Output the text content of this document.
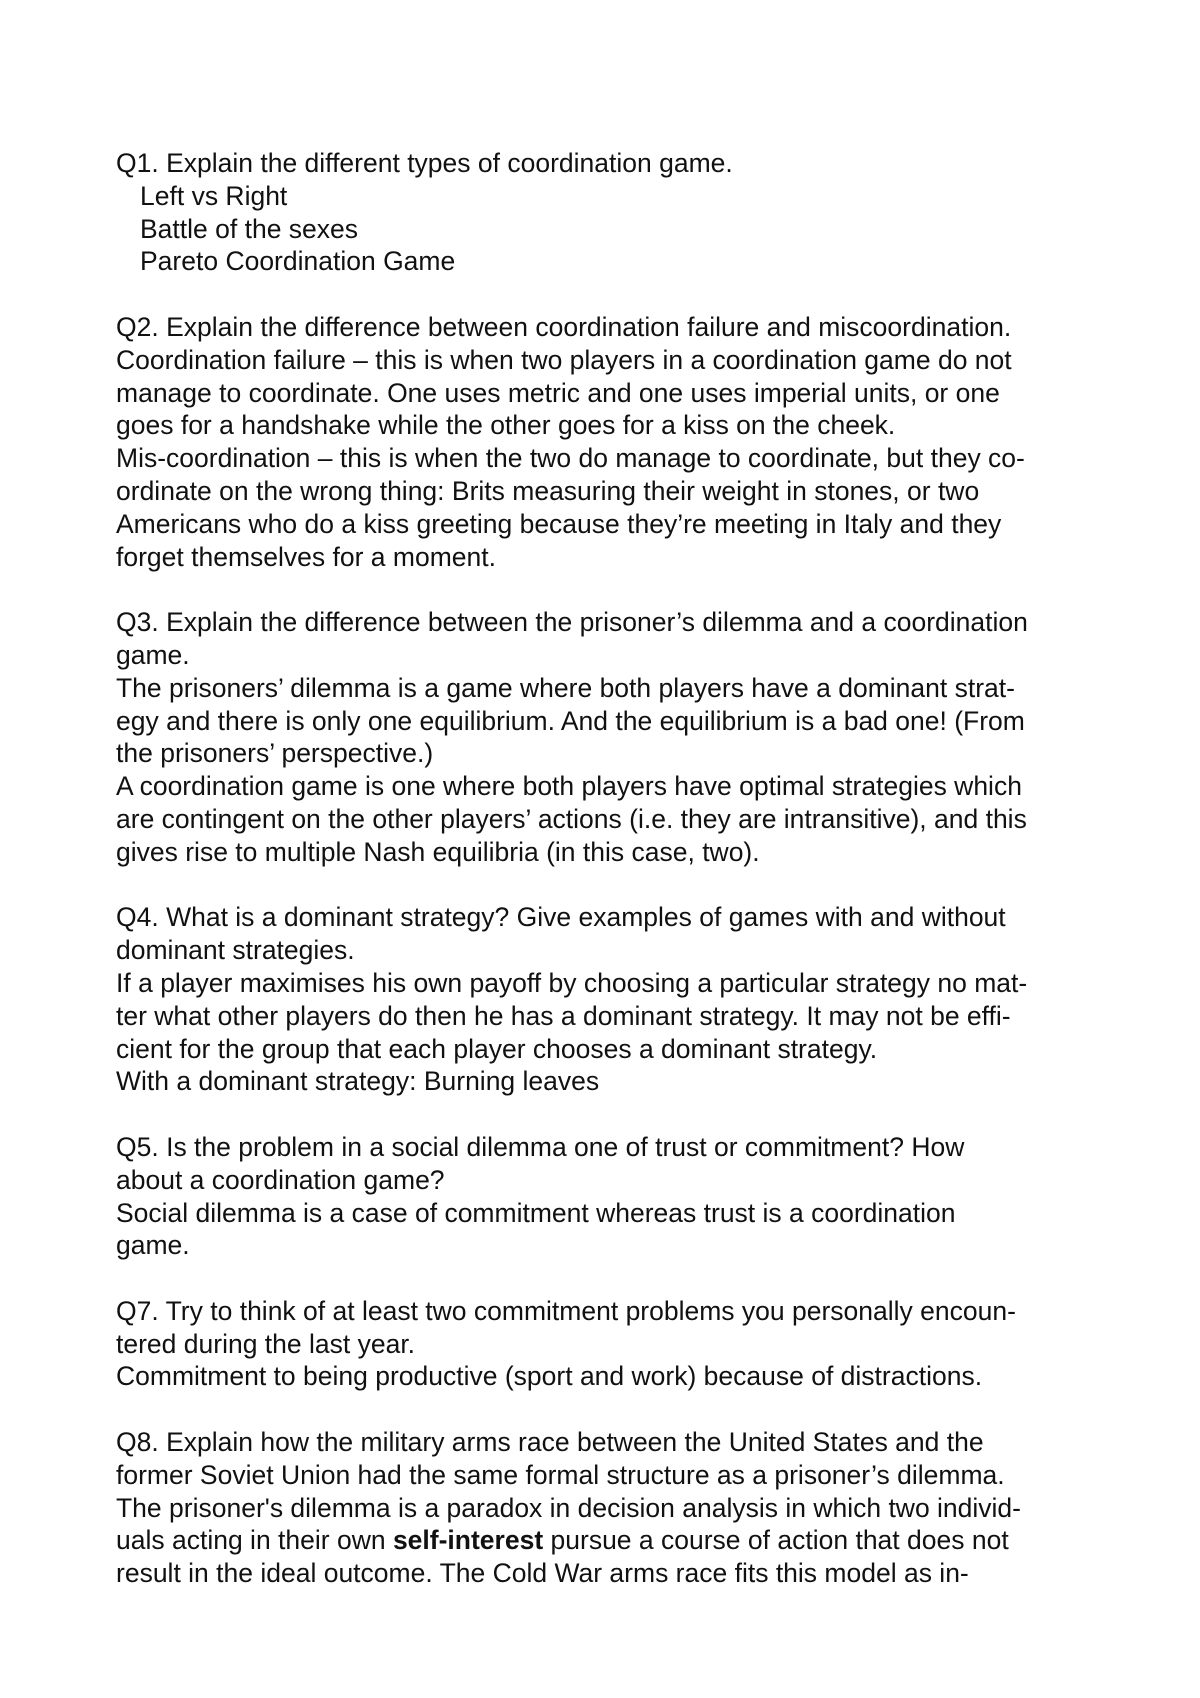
Q1. Explain the different types of coordination game.
Left vs Right
Battle of the sexes
Pareto Coordination Game
Q2. Explain the difference between coordination failure and miscoordination.
Coordination failure – this is when two players in a coordination game do not
manage to coordinate. One uses metric and one uses imperial units, or one
goes for a handshake while the other goes for a kiss on the cheek.
Mis-coordination – this is when the two do manage to coordinate, but they co-
ordinate on the wrong thing: Brits measuring their weight in stones, or two
Americans who do a kiss greeting because they’re meeting in Italy and they
forget themselves for a moment.
Q3. Explain the difference between the prisoner’s dilemma and a coordination
game.
The prisoners’ dilemma is a game where both players have a dominant strat-
egy and there is only one equilibrium. And the equilibrium is a bad one! (From
the prisoners’ perspective.)
A coordination game is one where both players have optimal strategies which
are contingent on the other players’ actions (i.e. they are intransitive), and this
gives rise to multiple Nash equilibria (in this case, two).
Q4. What is a dominant strategy? Give examples of games with and without
dominant strategies.
If a player maximises his own payoff by choosing a particular strategy no mat-
ter what other players do then he has a dominant strategy. It may not be effi-
cient for the group that each player chooses a dominant strategy.
With a dominant strategy: Burning leaves
Q5. Is the problem in a social dilemma one of trust or commitment? How
about a coordination game?
Social dilemma is a case of commitment whereas trust is a coordination
game.
Q7. Try to think of at least two commitment problems you personally encoun-
tered during the last year.
Commitment to being productive (sport and work) because of distractions.
Q8. Explain how the military arms race between the United States and the
former Soviet Union had the same formal structure as a prisoner’s dilemma.
The prisoner's dilemma is a paradox in decision analysis in which two individ-
uals acting in their own self-interest pursue a course of action that does not
result in the ideal outcome. The Cold War arms race fits this model as in-
